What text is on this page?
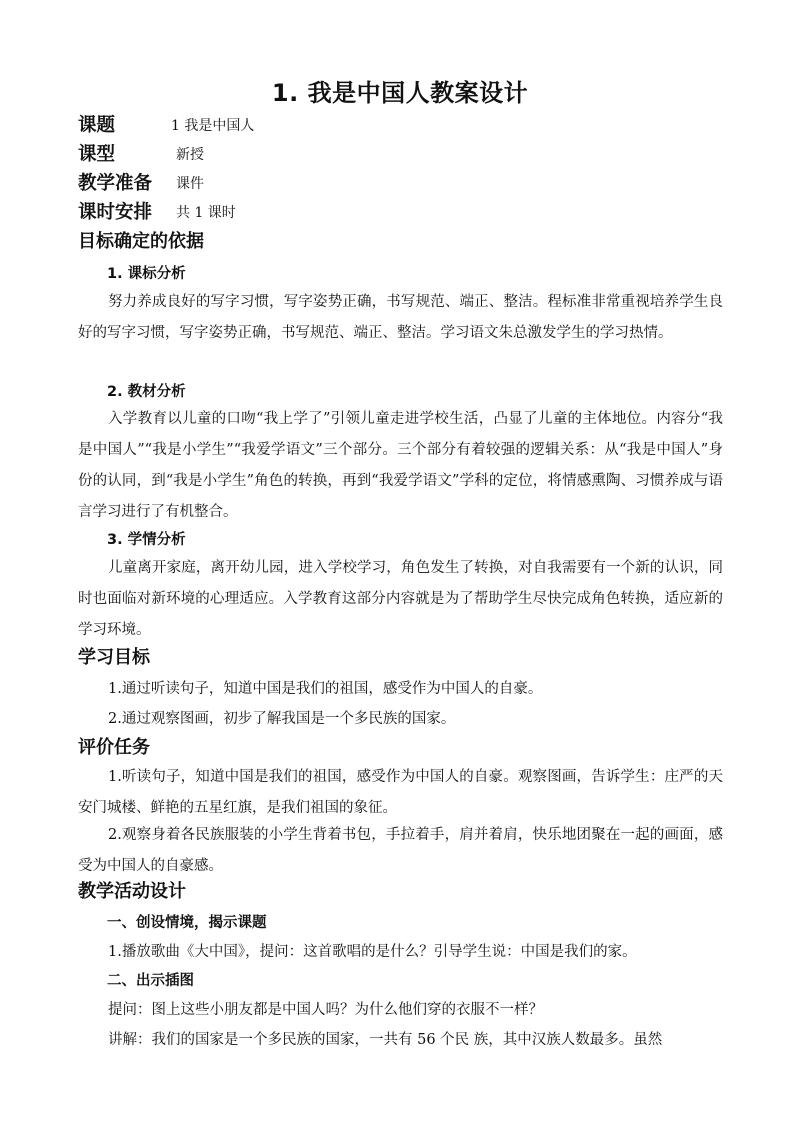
1. 我是中国人教案设计
课题	1 我是中国人
课型	新授
教学准备 课件
课时安排 共 1 课时
目标确定的依据
1. 课标分析
努力养成良好的写字习惯，写字姿势正确，书写规范、端正、整洁。程标准非常重视培养学生良好的写字习惯，写字姿势正确，书写规范、端正、整洁。学习语文朱总激发学生的学习热情。
2. 教材分析
入学教育以儿童的口吻“我上学了”引领儿童走进学校生活，凸显了儿童的主体地位。内容分“我是中国人”“我是小学生”“我爱学语文”三个部分。三个部分有着较强的逻辑关系：从“我是中国人”身份的认同，到“我是小学生”角色的转换，再到“我爱学语文”学科的定位，将情感熏陶、习惯养成与语言学习进行了有机整合。
3. 学情分析
儿童离开家庭，离开幼儿园，进入学校学习，角色发生了转换，对自我需要有一个新的认识，同时也面临对新环境的心理适应。入学教育这部分内容就是为了帮助学生尽快完成角色转换，适应新的学习环境。
学习目标
1.通过听读句子，知道中国是我们的祖国，感受作为中国人的自豪。
2.通过观察图画，初步了解我国是一个多民族的国家。
评价任务
1.听读句子，知道中国是我们的祖国，感受作为中国人的自豪。观察图画，告诉学生：庄严的天安门城楼、鲜艳的五星红旗，是我们祖国的象征。
2.观察身着各民族服装的小学生背着书包，手拉着手，肩并着肩，快乐地团聚在一起的画面，感受为中国人的自豪感。
教学活动设计
一、创设情境，揭示课题
1.播放歌曲《大中国》，提问：这首歌唱的是什么？引导学生说：中国是我们的家。
二、出示插图
提问：图上这些小朋友都是中国人吗？为什么他们穿的衣服不一样？
讲解：我们的国家是一个多民族的国家，一共有 56 个民 族，其中汉族人数最多。虽然
